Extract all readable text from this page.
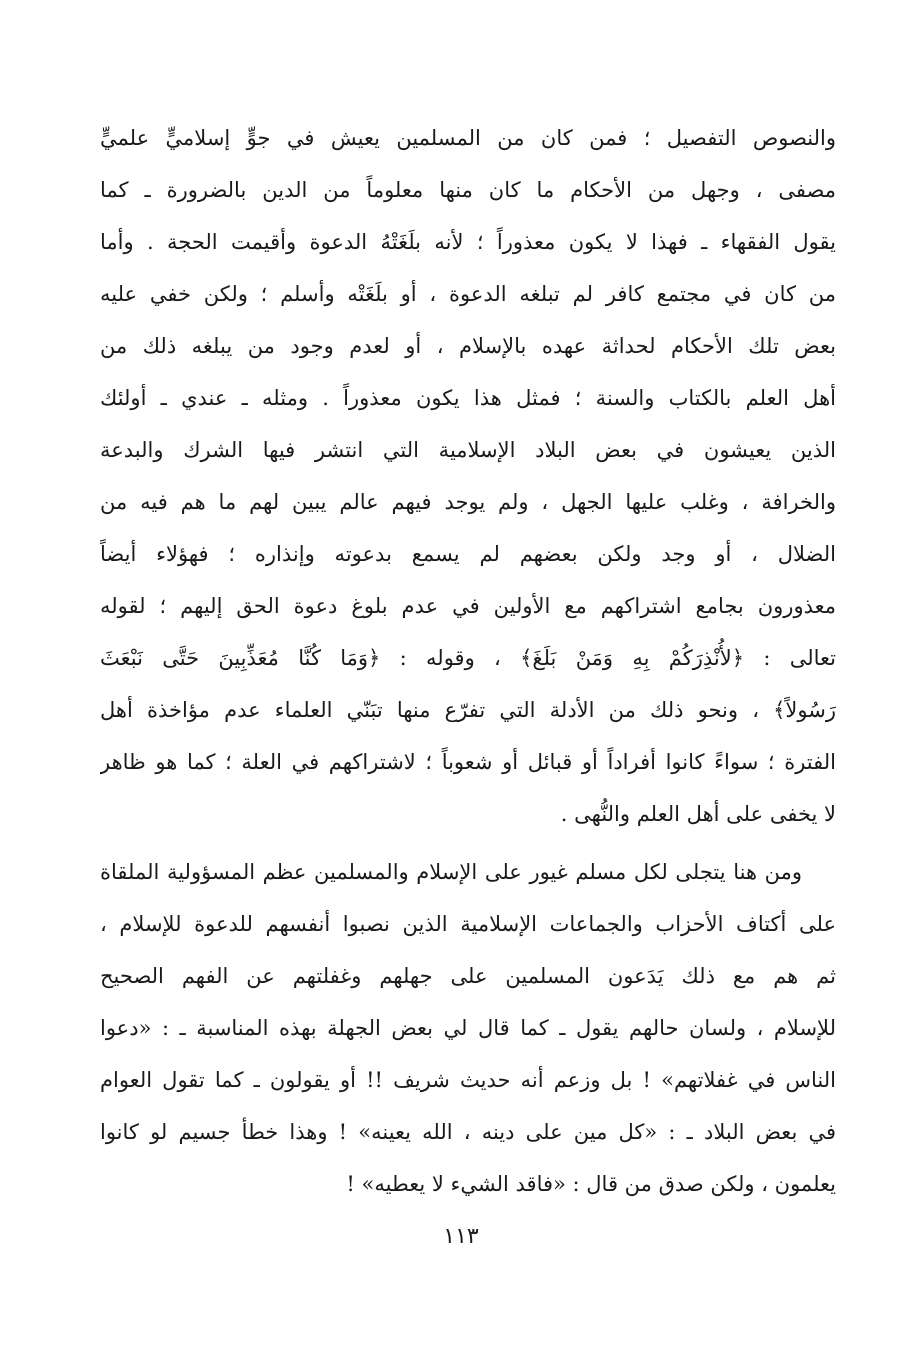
والنصوص التفصيل ؛ فمن كان من المسلمين يعيش في جوٍّ إسلاميٍّ علميٍّ
مصفى ، وجهل من الأحكام ما كان منها معلوماً من الدين بالضرورة ـ كما
يقول الفقهاء ـ فهذا لا يكون معذوراً ؛ لأنه بلَغَتْهُ الدعوة وأقيمت الحجة . وأما
من كان في مجتمع كافر لم تبلغه الدعوة ، أو بلَغَتْه وأسلم ؛ ولكن خفي عليه
بعض تلك الأحكام لحداثة عهده بالإسلام ، أو لعدم وجود من يبلغه ذلك من
أهل العلم بالكتاب والسنة ؛ فمثل هذا يكون معذوراً . ومثله ـ عندي ـ أولئك
الذين يعيشون في بعض البلاد الإسلامية التي انتشر فيها الشرك والبدعة
والخرافة ، وغلب عليها الجهل ، ولم يوجد فيهم عالم يبين لهم ما هم فيه من
الضلال ، أو وجد ولكن بعضهم لم يسمع بدعوته وإنذاره ؛ فهؤلاء أيضاً
معذورون بجامع اشتراكهم مع الأولين في عدم بلوغ دعوة الحق إليهم ؛ لقوله
تعالى : ﴿لأُنْذِرَكُمْ بِهِ وَمَنْ بَلَغَ﴾ ، وقوله : ﴿وَمَا كُنَّا مُعَذِّبِينَ حَتَّى نَبْعَثَ
رَسُولاً﴾ ، ونحو ذلك من الأدلة التي تفرّع منها تبَنّي العلماء عدم مؤاخذة أهل
الفترة ؛ سواءً كانوا أفراداً أو قبائل أو شعوباً ؛ لاشتراكهم في العلة ؛ كما هو ظاهر
لا يخفى على أهل العلم والنُّهى .
ومن هنا يتجلى لكل مسلم غيور على الإسلام والمسلمين عظم المسؤولية الملقاة
على أكتاف الأحزاب والجماعات الإسلامية الذين نصبوا أنفسهم للدعوة للإسلام ،
ثم هم مع ذلك يَدَعون المسلمين على جهلهم وغفلتهم عن الفهم الصحيح
للإسلام ، ولسان حالهم يقول ـ كما قال لي بعض الجهلة بهذه المناسبة ـ : «دعوا
الناس في غفلاتهم» ! بل وزعم أنه حديث شريف !! أو يقولون ـ كما تقول العوام
في بعض البلاد ـ : «كل مين على دينه ، الله يعينه» ! وهذا خطأ جسيم لو كانوا
يعلمون ، ولكن صدق من قال : «فاقد الشيء لا يعطيه» !
١١٣
